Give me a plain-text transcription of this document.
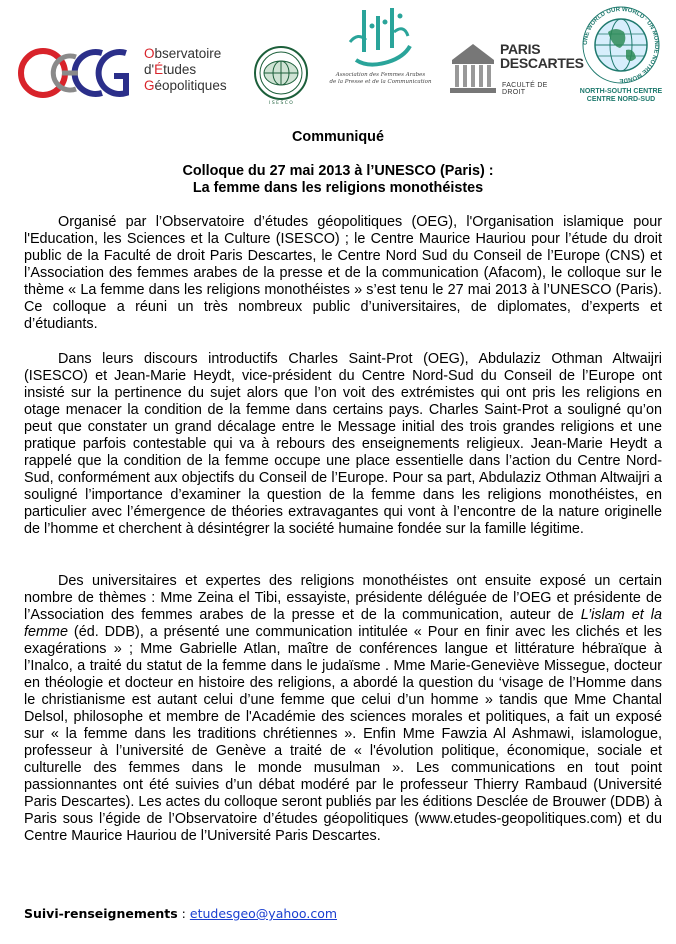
Observatoire
d'Études
Géopolitiques
I S E S C O
Association des Femmes Arabes
de la Presse et de la Communication
PARIS
DESCARTES
FACULTÉ DE DROIT
ONE WORLD OUR WORLD · UN MONDE NOTRE MONDE
NORTH-SOUTH CENTRE
CENTRE NORD-SUD
Communiqué
Colloque du 27 mai 2013 à l’UNESCO (Paris) :
La femme dans les religions monothéistes

Organisé par l’Observatoire d’études géopolitiques (OEG), l'Organisation islamique pour l'Education, les Sciences et la Culture (ISESCO) ; le Centre Maurice Hauriou pour l’étude du droit public de la Faculté de droit Paris Descartes, le Centre Nord Sud du Conseil de l’Europe (CNS) et l’Association des femmes arabes de la presse et de la communication (Afacom), le colloque sur le thème « La femme dans les religions monothéistes » s’est tenu le 27 mai 2013 à l’UNESCO (Paris). Ce colloque a réuni un très nombreux public d’universitaires, de diplomates, d’experts et d’étudiants.

Dans leurs discours introductifs Charles Saint-Prot (OEG), Abdulaziz Othman Altwaijri (ISESCO) et Jean-Marie Heydt, vice-président du Centre Nord-Sud du Conseil de l’Europe ont insisté sur la pertinence du sujet alors que l’on voit des extrémistes qui ont pris les religions en otage menacer la condition de la femme dans certains pays. Charles Saint-Prot a souligné qu’on peut que constater un grand décalage entre le Message initial des trois grandes religions et une pratique parfois contestable qui va à rebours des enseignements religieux. Jean-Marie Heydt a rappelé que la condition de la femme occupe une place essentielle dans l’action du Centre Nord-Sud, conformément aux objectifs du Conseil de l’Europe. Pour sa part, Abdulaziz Othman Altwaijri a souligné l’importance d’examiner la question de la femme dans les religions monothéistes, en particulier avec l’émergence de théories extravagantes qui vont à l’encontre de la nature originelle de l’homme et cherchent à désintégrer la société humaine fondée sur la famille légitime.

Des universitaires et expertes des religions monothéistes ont ensuite exposé un certain nombre de thèmes : Mme Zeina el Tibi, essayiste, présidente déléguée de l’OEG et présidente de l’Association des femmes arabes de la presse et de la communication, auteur de L’islam et la femme (éd. DDB), a présenté une communication intitulée « Pour en finir avec les clichés et les exagérations » ; Mme Gabrielle Atlan, maître de conférences langue et littérature hébraïque à l’Inalco, a traité du statut de la femme dans le judaïsme . Mme Marie-Geneviève Missegue, docteur en théologie et docteur en histoire des religions, a abordé la question du ‘visage de l’Homme dans le christianisme est autant celui d’une femme que celui d’un homme » tandis que Mme Chantal Delsol, philosophe et membre de l'Académie des sciences morales et politiques, a fait un exposé sur « la femme dans les traditions chrétiennes ». Enfin Mme Fawzia Al Ashmawi, islamologue, professeur à l’université de Genève a traité de « l'évolution politique, économique, sociale et culturelle des femmes dans le monde musulman ». Les communications en tout point passionnantes ont été suivies d’un débat modéré par le professeur Thierry Rambaud (Université Paris Descartes). Les actes du colloque seront publiés par les éditions Desclée de Brouwer (DDB) à Paris sous l’égide de l’Observatoire d’études géopolitiques (www.etudes-geopolitiques.com) et du Centre Maurice Hauriou de l’Université Paris Descartes.

Suivi-renseignements : etudesgeo@yahoo.com
